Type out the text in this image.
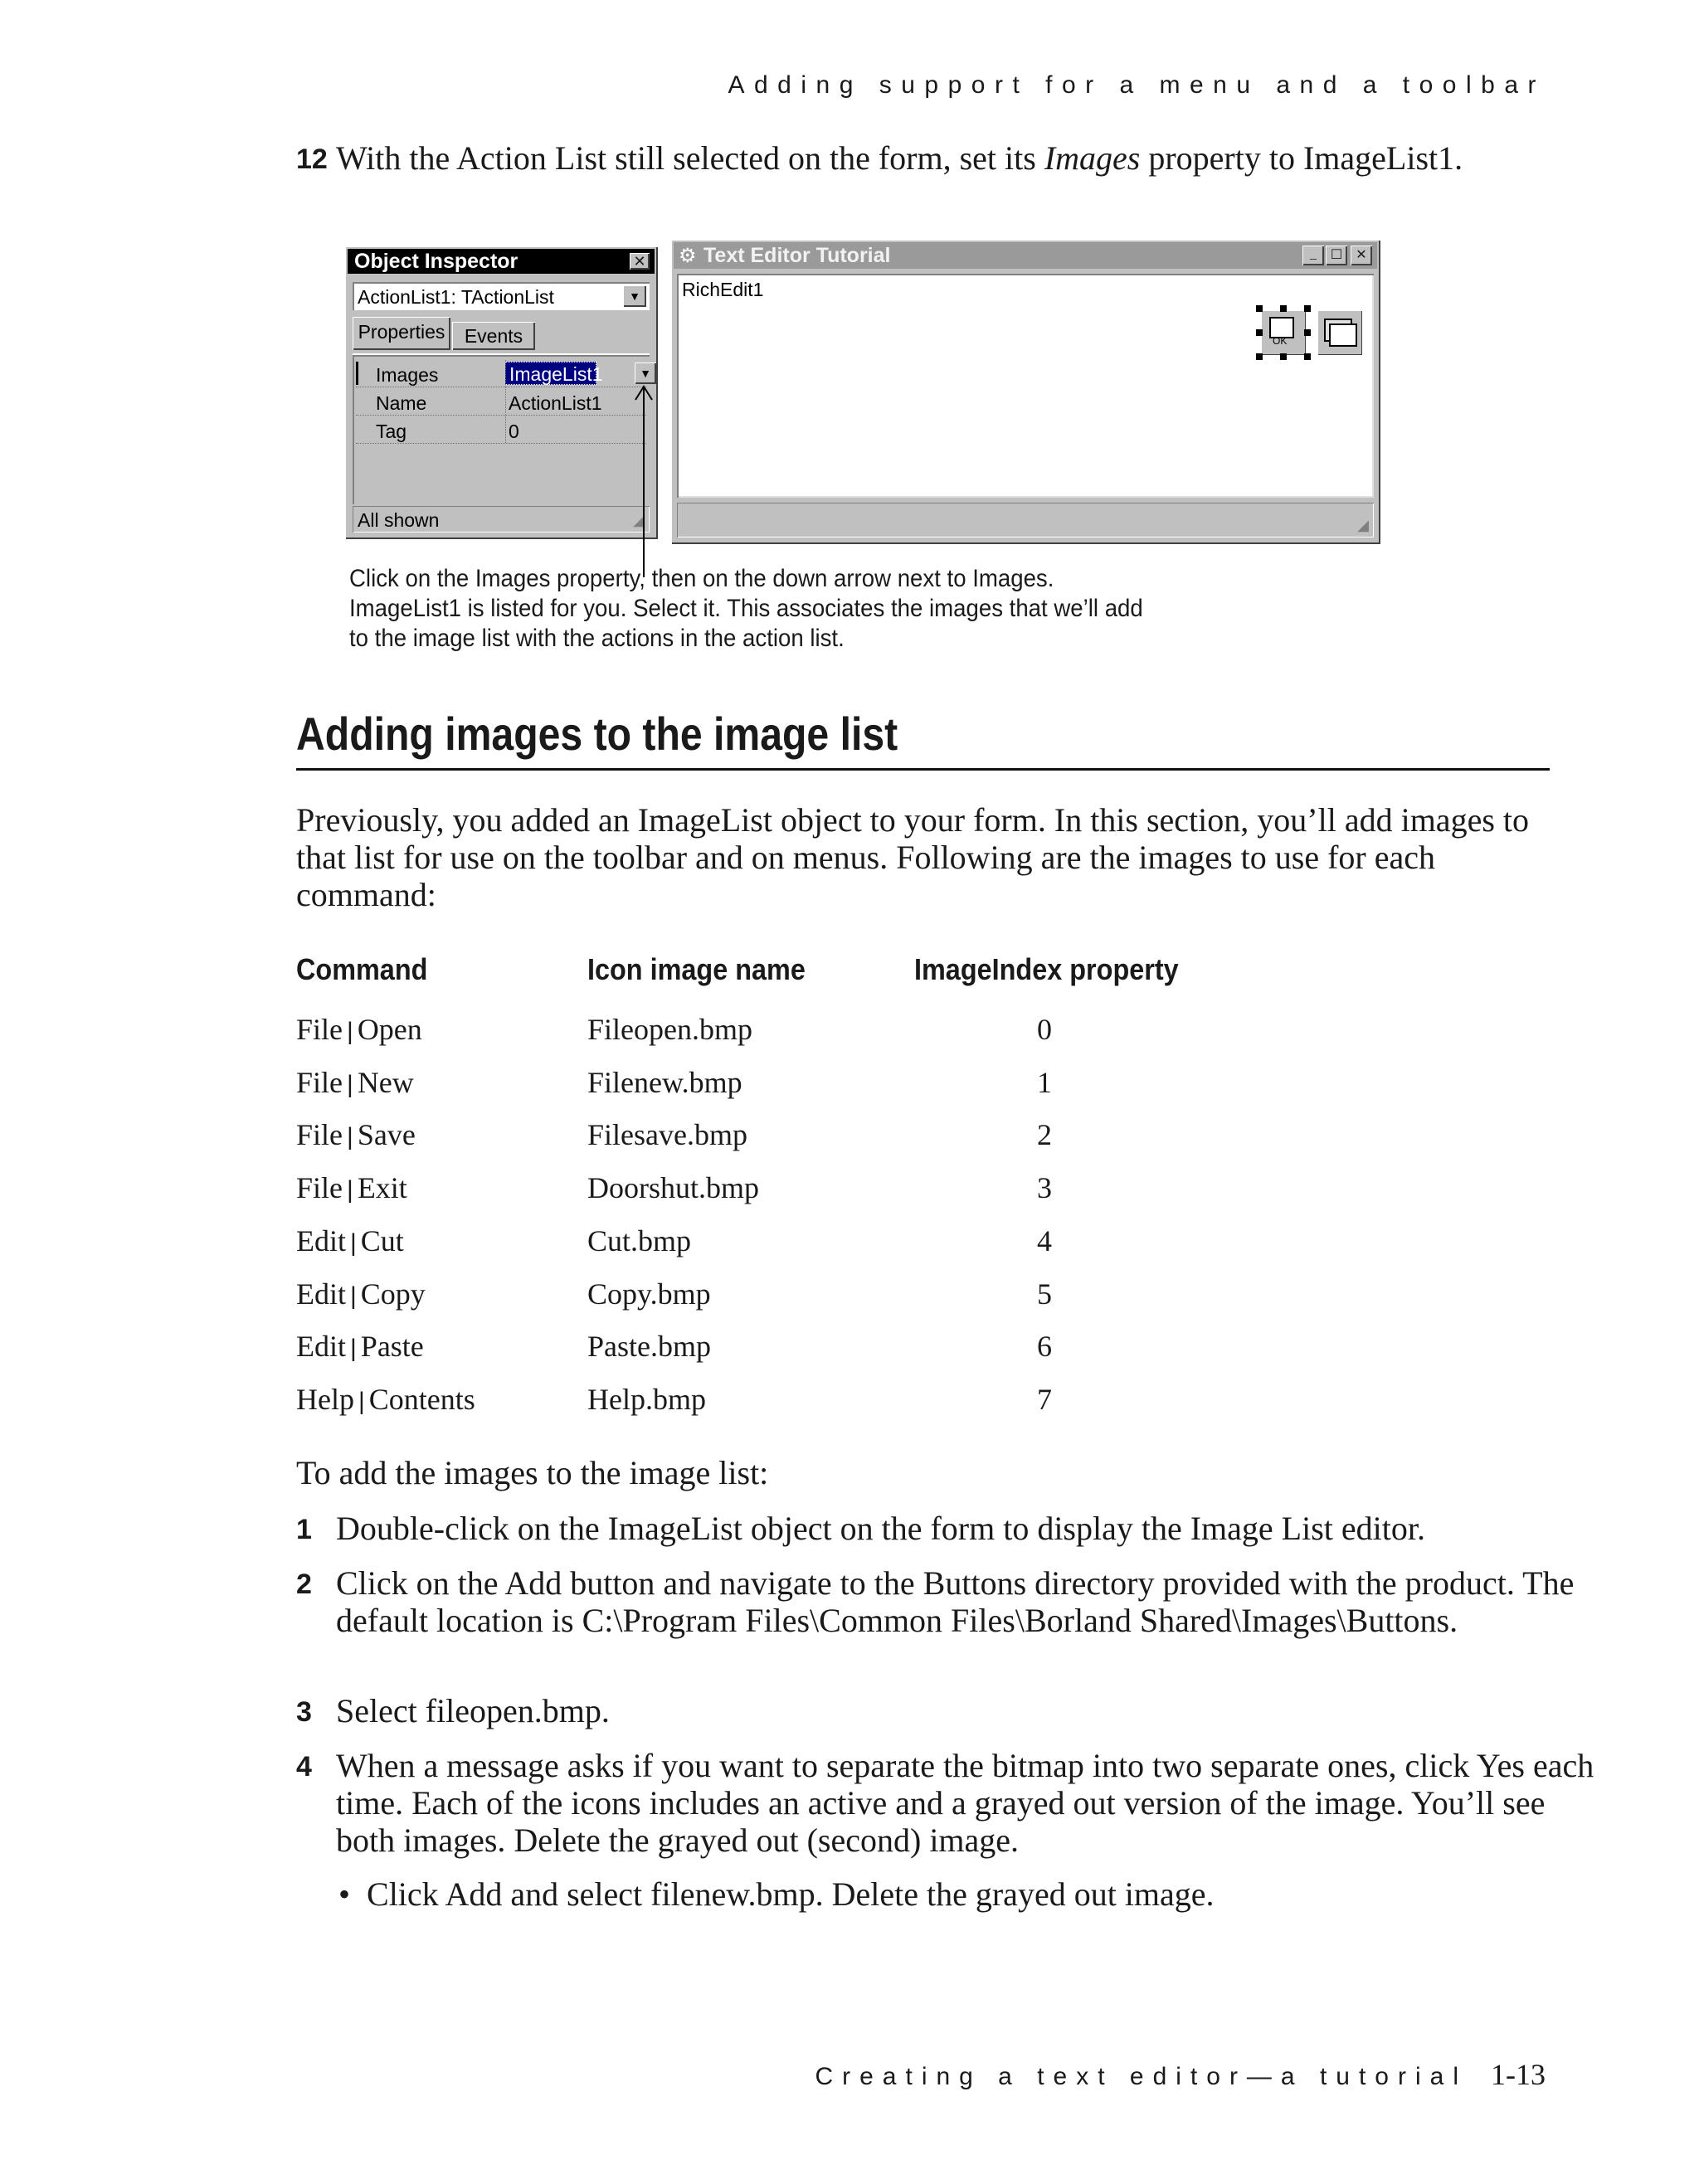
Adding support for a menu and a toolbar
12 With the Action List still selected on the form, set its Images property to ImageList1.
Object Inspector	✕
ActionList1: TActionList	▼
Properties	Events
Images	ImageList1	▼
Name	ActionList1
Tag	0
All shown	◢
⚙ Text Editor Tutorial	_	☐	✕
RichEdit1
OK
◢
Click on the Images property, then on the down arrow next to Images. ImageList1 is listed for you. Select it. This associates the images that we’ll add to the image list with the actions in the action list.
Adding images to the image list
Previously, you added an ImageList object to your form. In this section, you’ll add images to that list for use on the toolbar and on menus. Following are the images to use for each command:
Command	Icon image name	ImageIndex property
File | Open	Fileopen.bmp	0
File | New	Filenew.bmp	1
File | Save	Filesave.bmp	2
File | Exit	Doorshut.bmp	3
Edit | Cut	Cut.bmp	4
Edit | Copy	Copy.bmp	5
Edit | Paste	Paste.bmp	6
Help | Contents	Help.bmp	7
To add the images to the image list:
1 Double-click on the ImageList object on the form to display the Image List editor.
2 Click on the Add button and navigate to the Buttons directory provided with the product. The default location is C:\Program Files\Common Files\Borland Shared\Images\Buttons.
3 Select fileopen.bmp.
4 When a message asks if you want to separate the bitmap into two separate ones, click Yes each time. Each of the icons includes an active and a grayed out version of the image. You’ll see both images. Delete the grayed out (second) image.
•  Click Add and select filenew.bmp. Delete the grayed out image.
Creating a text editor—a tutorial 1-13
